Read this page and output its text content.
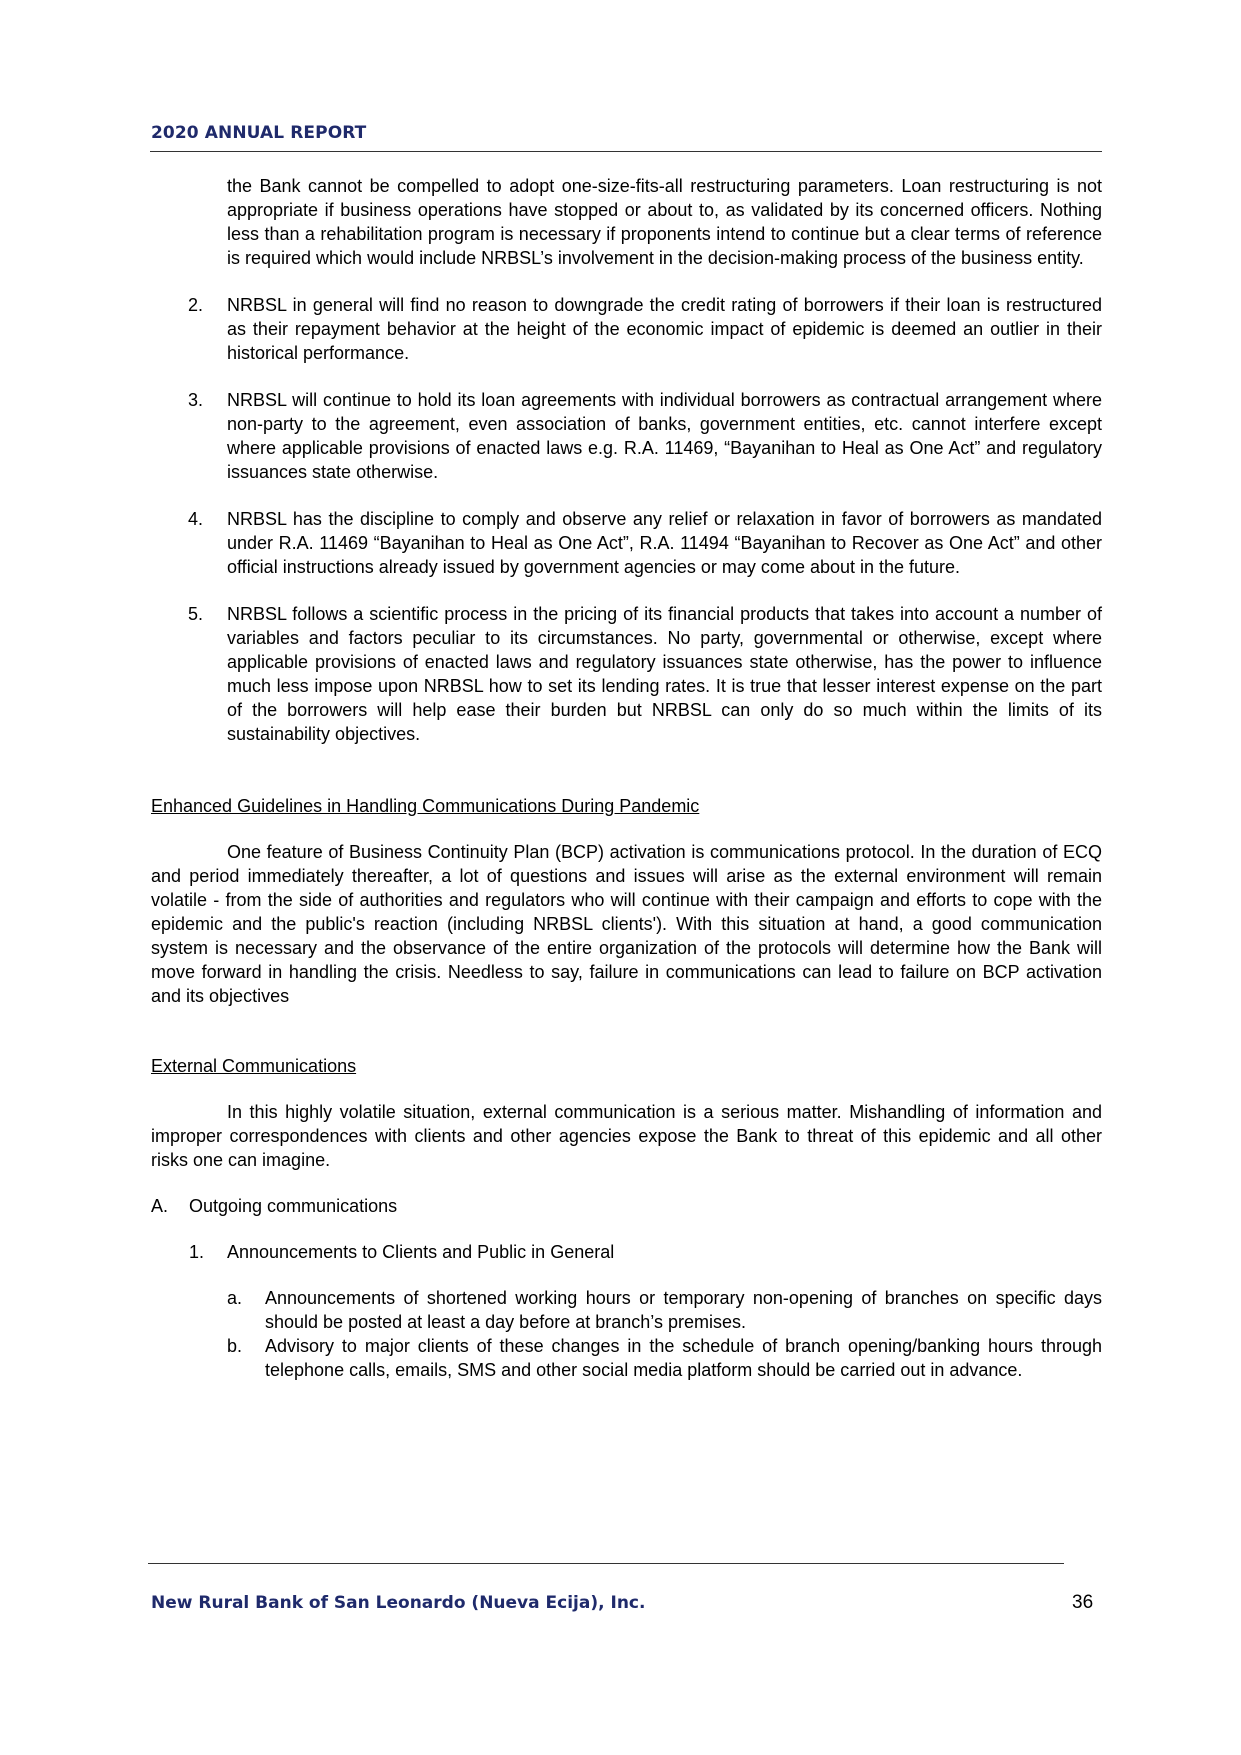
2020 ANNUAL REPORT

the Bank cannot be compelled to adopt one-size-fits-all restructuring parameters. Loan restructuring is not appropriate if business operations have stopped or about to, as validated by its concerned officers. Nothing less than a rehabilitation program is necessary if proponents intend to continue but a clear terms of reference is required which would include NRBSL’s involvement in the decision-making process of the business entity.

2.	NRBSL in general will find no reason to downgrade the credit rating of borrowers if their loan is restructured as their repayment behavior at the height of the economic impact of epidemic is deemed an outlier in their historical performance.

3.	NRBSL will continue to hold its loan agreements with individual borrowers as contractual arrangement where non-party to the agreement, even association of banks, government entities, etc. cannot interfere except where applicable provisions of enacted laws e.g. R.A. 11469, “Bayanihan to Heal as One Act” and regulatory issuances state otherwise.

4.	NRBSL has the discipline to comply and observe any relief or relaxation in favor of borrowers as mandated under R.A. 11469 “Bayanihan to Heal as One Act”, R.A. 11494 “Bayanihan to Recover as One Act” and other official instructions already issued by government agencies or may come about in the future.

5.	NRBSL follows a scientific process in the pricing of its financial products that takes into account a number of variables and factors peculiar to its circumstances. No party, governmental or otherwise, except where applicable provisions of enacted laws and regulatory issuances state otherwise, has the power to influence much less impose upon NRBSL how to set its lending rates. It is true that lesser interest expense on the part of the borrowers will help ease their burden but NRBSL can only do so much within the limits of its sustainability objectives.

Enhanced Guidelines in Handling Communications During Pandemic

One feature of Business Continuity Plan (BCP) activation is communications protocol. In the duration of ECQ and period immediately thereafter, a lot of questions and issues will arise as the external environment will remain volatile - from the side of authorities and regulators who will continue with their campaign and efforts to cope with the epidemic and the public's reaction (including NRBSL clients'). With this situation at hand, a good communication system is necessary and the observance of the entire organization of the protocols will determine how the Bank will move forward in handling the crisis. Needless to say, failure in communications can lead to failure on BCP activation and its objectives

External Communications

In this highly volatile situation, external communication is a serious matter. Mishandling of information and improper correspondences with clients and other agencies expose the Bank to threat of this epidemic and all other risks one can imagine.

A.	Outgoing communications
1.	Announcements to Clients and Public in General
a.	Announcements of shortened working hours or temporary non-opening of branches on specific days should be posted at least a day before at branch’s premises.

b.	Advisory to major clients of these changes in the schedule of branch opening/banking hours through telephone calls, emails, SMS and other social media platform should be carried out in advance.

New Rural Bank of San Leonardo (Nueva Ecija), Inc.	36
